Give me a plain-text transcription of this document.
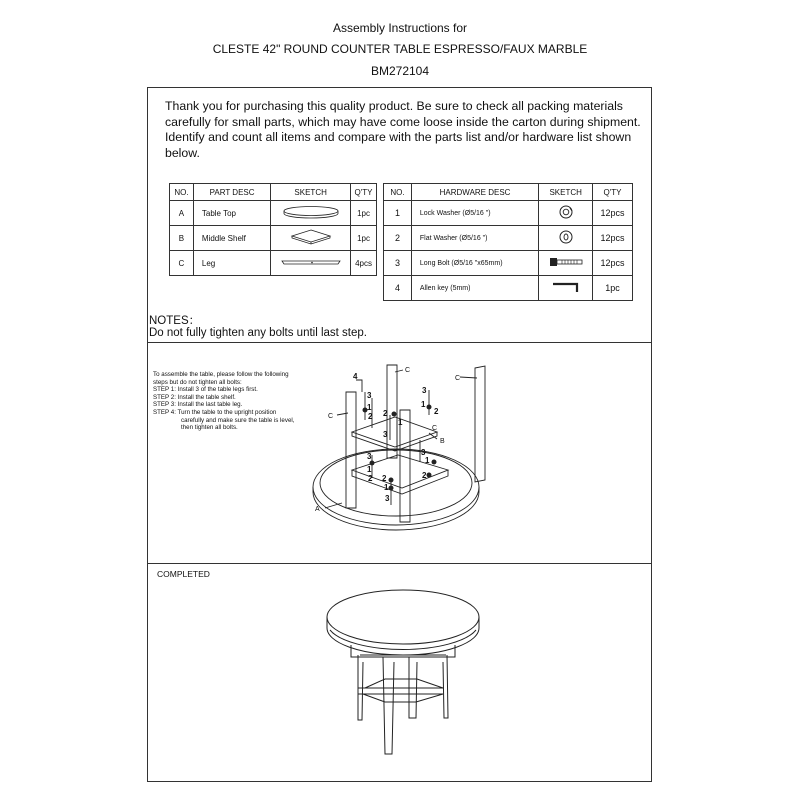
Assembly Instructions for
CLESTE 42" ROUND COUNTER TABLE ESPRESSO/FAUX MARBLE
BM272104
Thank you for purchasing this quality product. Be sure to check all packing materials carefully for small parts, which may have come loose inside the carton during shipment. Identify and count all items and compare with the parts list and/or hardware list shown below.
NO.	PART DESC	SKETCH	Q'TY
A	Table Top		1pc
B	Middle Shelf		1pc
C	Leg		4pcs
NO.	HARDWARE DESC	SKETCH	Q'TY
1	Lock Washer (Ø5/16 ")		12pcs
2	Flat Washer (Ø5/16 ")		12pcs
3	Long Bolt (Ø5/16 "x65mm)		12pcs
4	Allen key (5mm)		1pc
NOTES：
Do not fully tighten any bolts until last step.
To assemble the table, please follow the following
steps but do not tighten all bolts:
STEP 1: Install 3 of the table legs first.
STEP 2: Install the table shelf.
STEP 3: Install the last table leg.
STEP 4: Turn the table to the upright position
carefully and make sure the table is level,
then tighten all bolts.
C
C
C
C
B
A
4
3
1
2 2
1
3
3
1
2
3
1
2 2
1
3
3
1
2
COMPLETED
